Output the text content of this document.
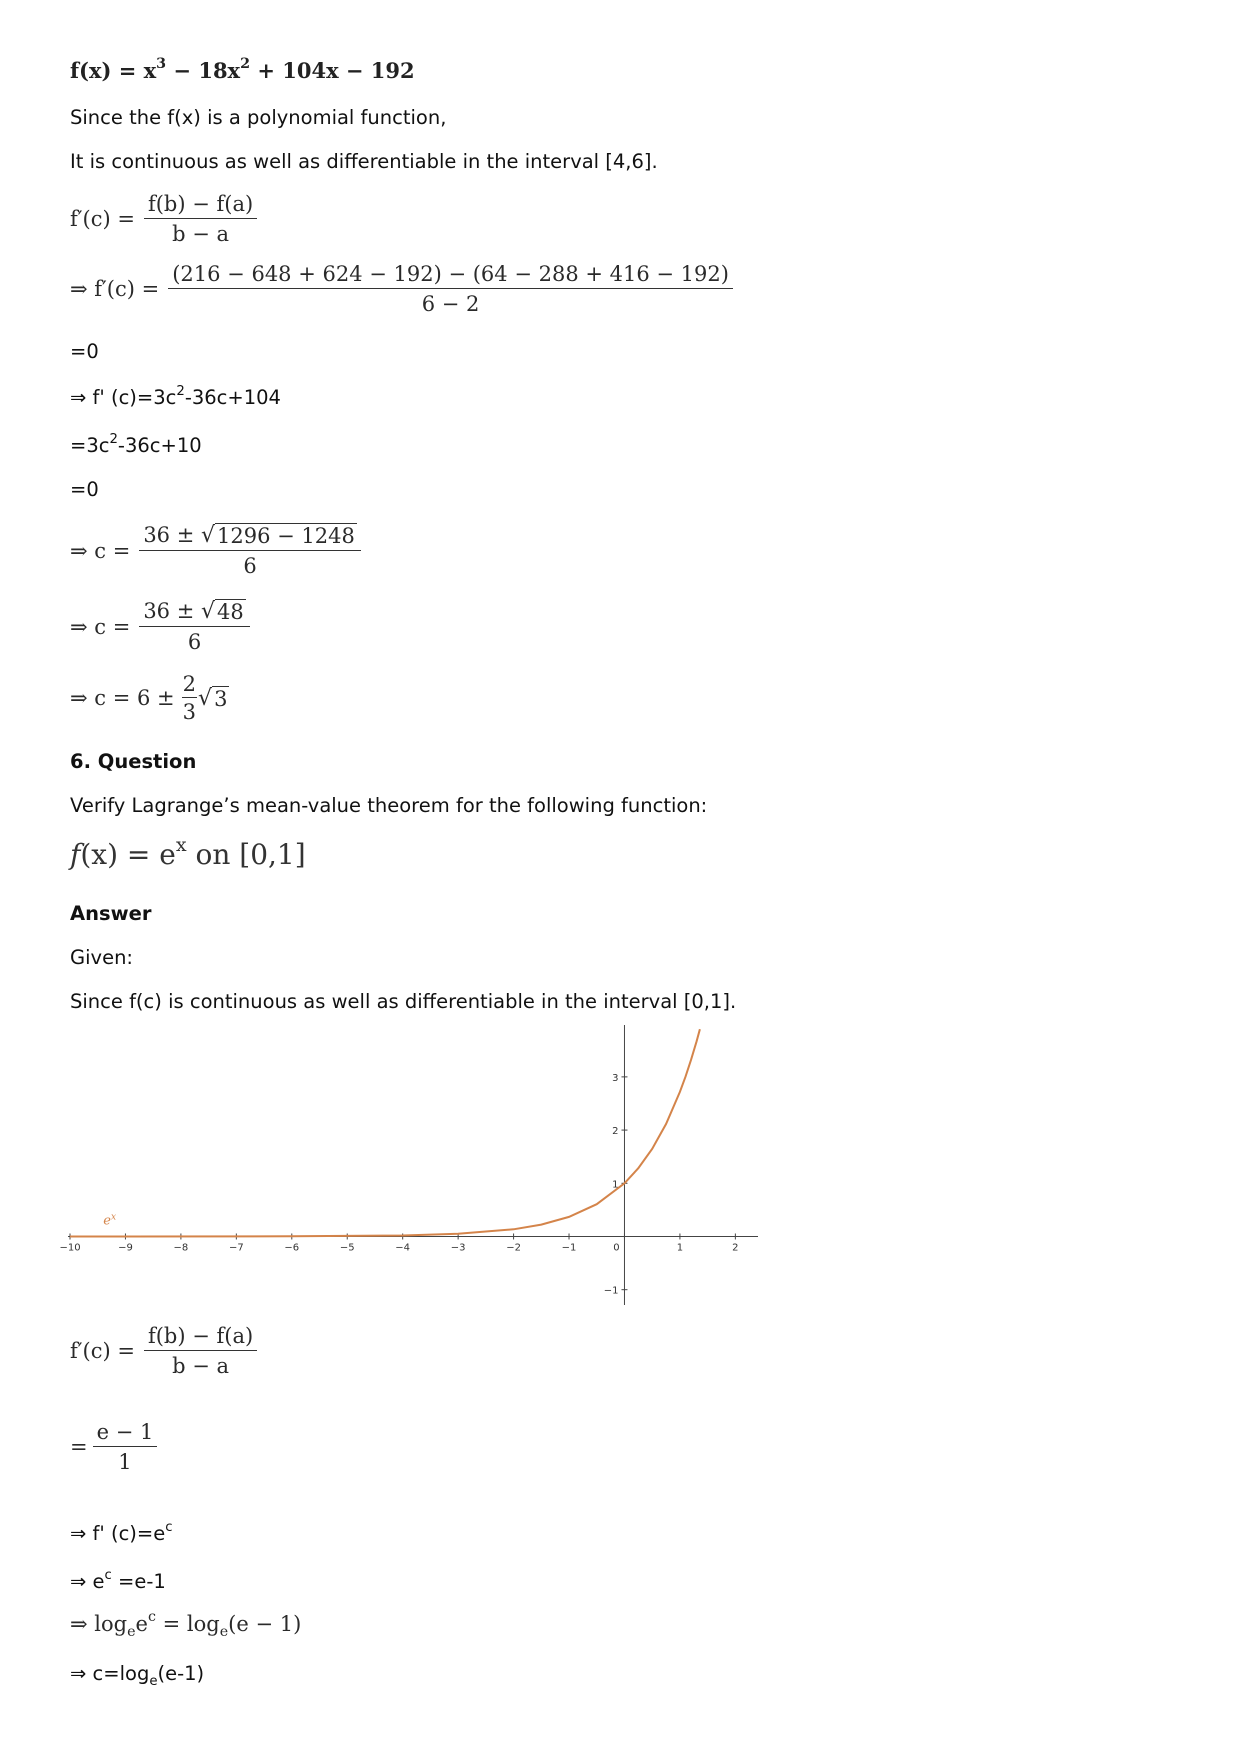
$f(x) = x^3 - 18x^2 + 104x - 192$
Since the f(x) is a polynomial function,
It is continuous as well as differentiable in the interval [4,6].
$f'(c) = \frac{f(b) - f(a)}{b - a}$
⇒ $f'(c) = \frac{(216 - 648 + 624 - 192) - (64 - 288 + 416 - 192)}{6 - 2}$
=0
⇒ f' $(c)=3c^2-36c+104$
$=3c^2-36c+10$
=0
⇒ $c = \frac{36 \pm √ 1296 - 1248}{6}$
⇒ $c = \frac{36 \pm √ 48}{6}$
⇒ $c = 6 \pm \frac{2}{3}$ √ 3
6. Question
Verify Lagrange’s mean-value theorem for the following function:
$f(x) = e^x$ on [0,1]
Answer
Given:
Since f(c) is continuous as well as differentiable in the interval [0,1].
$f'(c) = \frac{f(b) - f(a)}{b - a}$
= $\frac{e - 1}{1}$
⇒ f' $(c)=e^c$
⇒ $e^c =e-1$
⇒ $\log_ee^c = \log_e(e - 1)$
⇒ $c=\log_e(e-1)$
−10	−9	−8	−7	−6	−5	−4	−3	−2	−1	0	1	2
−1
1
2
3
$e^x$
